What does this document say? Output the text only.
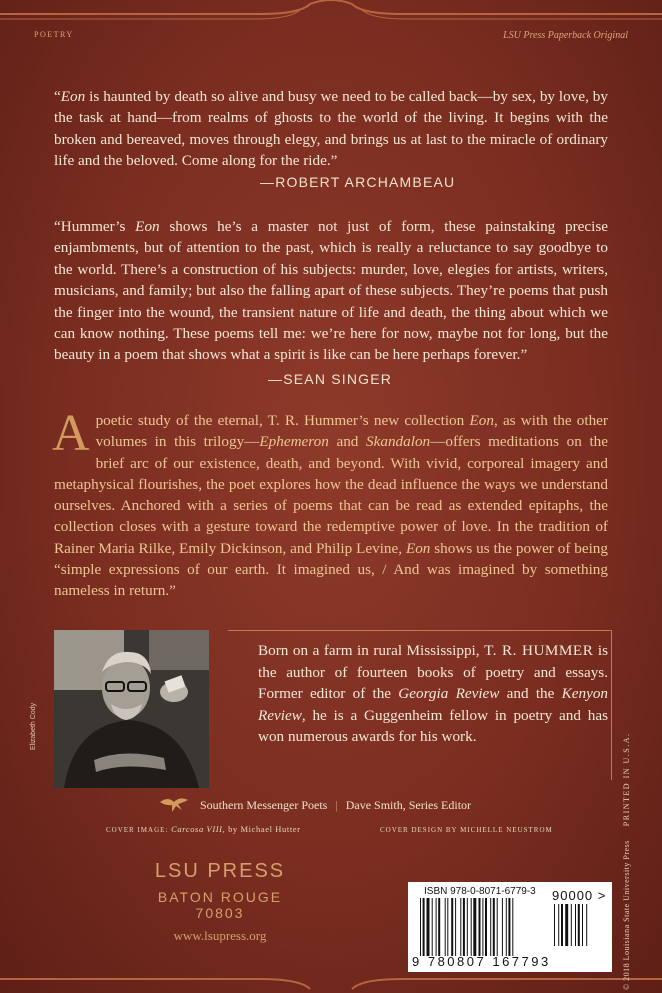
POETRY	LSU Press Paperback Original

“Eon is haunted by death so alive and busy we need to be called back—by sex, by love, by the task at hand—from realms of ghosts to the world of the living. It begins with the broken and bereaved, moves through elegy, and brings us at last to the miracle of ordinary life and the beloved. Come along for the ride.”

—ROBERT ARCHAMBEAU

“Hummer’s Eon shows he’s a master not just of form, these painstaking precise enjambments, but of attention to the past, which is really a reluctance to say goodbye to the world. There’s a construction of his subjects: murder, love, elegies for artists, writers, musicians, and family; but also the falling apart of these subjects. They’re poems that push the finger into the wound, the transient nature of life and death, the thing about which we can know nothing. These poems tell me: we’re here for now, maybe not for long, but the beauty in a poem that shows what a spirit is like can be here perhaps forever.”

—SEAN SINGER

A poetic study of the eternal, T. R. Hummer’s new collection Eon, as with the other volumes in this trilogy—Ephemeron and Skandalon—offers meditations on the brief arc of our existence, death, and beyond. With vivid, corporeal imagery and metaphysical flourishes, the poet explores how the dead influence the ways we understand ourselves. Anchored with a series of poems that can be read as extended epitaphs, the collection closes with a gesture toward the redemptive power of love. In the tradition of Rainer Maria Rilke, Emily Dickinson, and Philip Levine, Eon shows us the power of being “simple expressions of our earth. It imagined us, / And was imagined by something nameless in return.”

Elizabeth Cody

Born on a farm in rural Mississippi, T. R. HUMMER is the author of fourteen books of poetry and essays. Former editor of the Georgia Review and the Kenyon Review, he is a Guggenheim fellow in poetry and has won numerous awards for his work.

Southern Messenger Poets | Dave Smith, Series Editor
COVER IMAGE: Carcosa VIII, by Michael Hutter	COVER DESIGN BY MICHELLE NEUSTROM
LSU PRESS
BATON ROUGE 70803
www.lsupress.org
ISBN 978-0-8071-6779-3 90000 >
9 780807 167793	© 2018 Louisiana State University PressPRINTED IN U.S.A.
